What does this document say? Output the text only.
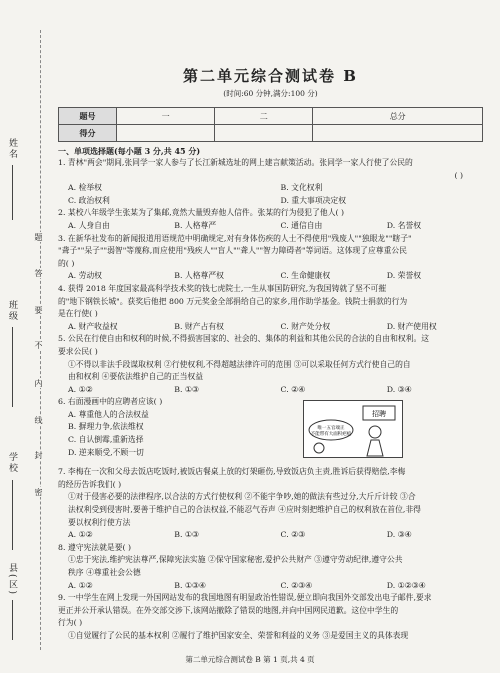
姓名
班级
学校
县(区)
题
答
要
不
内
线
封
密
第二单元综合测试卷 B
(时间:60 分钟,满分:100 分)
题号	一	二	总分
得分			
一、单项选择题(每小题 3 分,共 45 分)
1. 青林"两会"期间,张同学一家人参与了长江新城选址的网上建言献策活动。张同学一家人行使了公民的
( )
A. 检举权	B. 文化权利
C. 政治权利	D. 重大事项决定权
2. 某校八年级学生张某为了集邮,竟然大量毁弃他人信件。张某的行为侵犯了他人( )
A. 人身自由	B. 人格尊严	C. 通信自由	D. 名誉权
3. 在新华社发布的新闻报道用语规范中明确规定,对有身体伤疾的人士不得使用"残废人""独眼龙""瞎子"
"聋子""呆子""弱智"等蔑称,而应使用"残疾人""盲人""聋人""智力障碍者"等词语。这体现了应尊重公民
的( )
A. 劳动权	B. 人格尊严权	C. 生命健康权	D. 荣誉权
4. 获得 2018 年度国家最高科学技术奖的钱七虎院士,一生从事国防研究,为我国铸就了坚不可摧
的"地下钢铁长城"。获奖后他把 800 万元奖金全部捐给自己的家乡,用作助学基金。钱院士捐款的行为
是在行使( )
A. 财产收益权	B. 财产占有权	C. 财产处分权	D. 财产使用权
5. 公民在行使自由和权利的时候,不得损害国家的、社会的、集体的利益和其他公民的合法的自由和权利。这
要求公民( )
①不得以非法手段谋取权利 ②行使权利,不得超越法律许可的范围 ③可以采取任何方式行使自己的自
由和权利 ④要依法维护自己的正当权益
A. ①②	B. ①③	C. ②④	D. ③④
6. 右面漫画中的应聘者应该( )
A. 尊重他人的合法权益
B. 摒理力争,依法维权
C. 自认倒霉,重新选择
D. 逆来顺受,不顾一切
招聘
唯一五官端正
不能带有大面积疤痕
7. 李梅在一次和父母去饭店吃饭时,被饭店餐桌上放的灯架砸伤,导致饭店负主责,胜诉后获得赔偿,李梅
的经历告诉我们( )
①对于侵害必要的法律程序,以合法的方式行使权利 ②不能宇争吵,她的做法有些过分,大斤斤计较 ③合
法权利受到侵害时,要善于维护自己的合法权益,不能忍气吞声 ④应时刻把维护自己的权利放在首位,非得
要以权利行使方法
A. ①②	B. ①③	C. ②③	D. ③④
8. 遵守宪法就是要( )
①忠于宪法,维护宪法尊严,保障宪法实施 ②保守国家秘密,爱护公共财产 ③遵守劳动纪律,遵守公共
秩序 ④尊重社会公德
A. ①②	B. ①③④	C. ②③④	D. ①②③④
9. 一中学生在网上发现一外国网站发布的我国地图有明显政治性错误,便立即向我国外交部发出电子邮件,要求
更正并公开承认错误。在外交部交涉下,该网站撤除了错误的地图,并向中国网民道歉。这位中学生的
行为( )
①自觉履行了公民的基本权利 ②履行了维护国家安全、荣誉和利益的义务 ③是爱国主义的具体表现
第二单元综合测试卷 B 第 1 页,共 4 页
